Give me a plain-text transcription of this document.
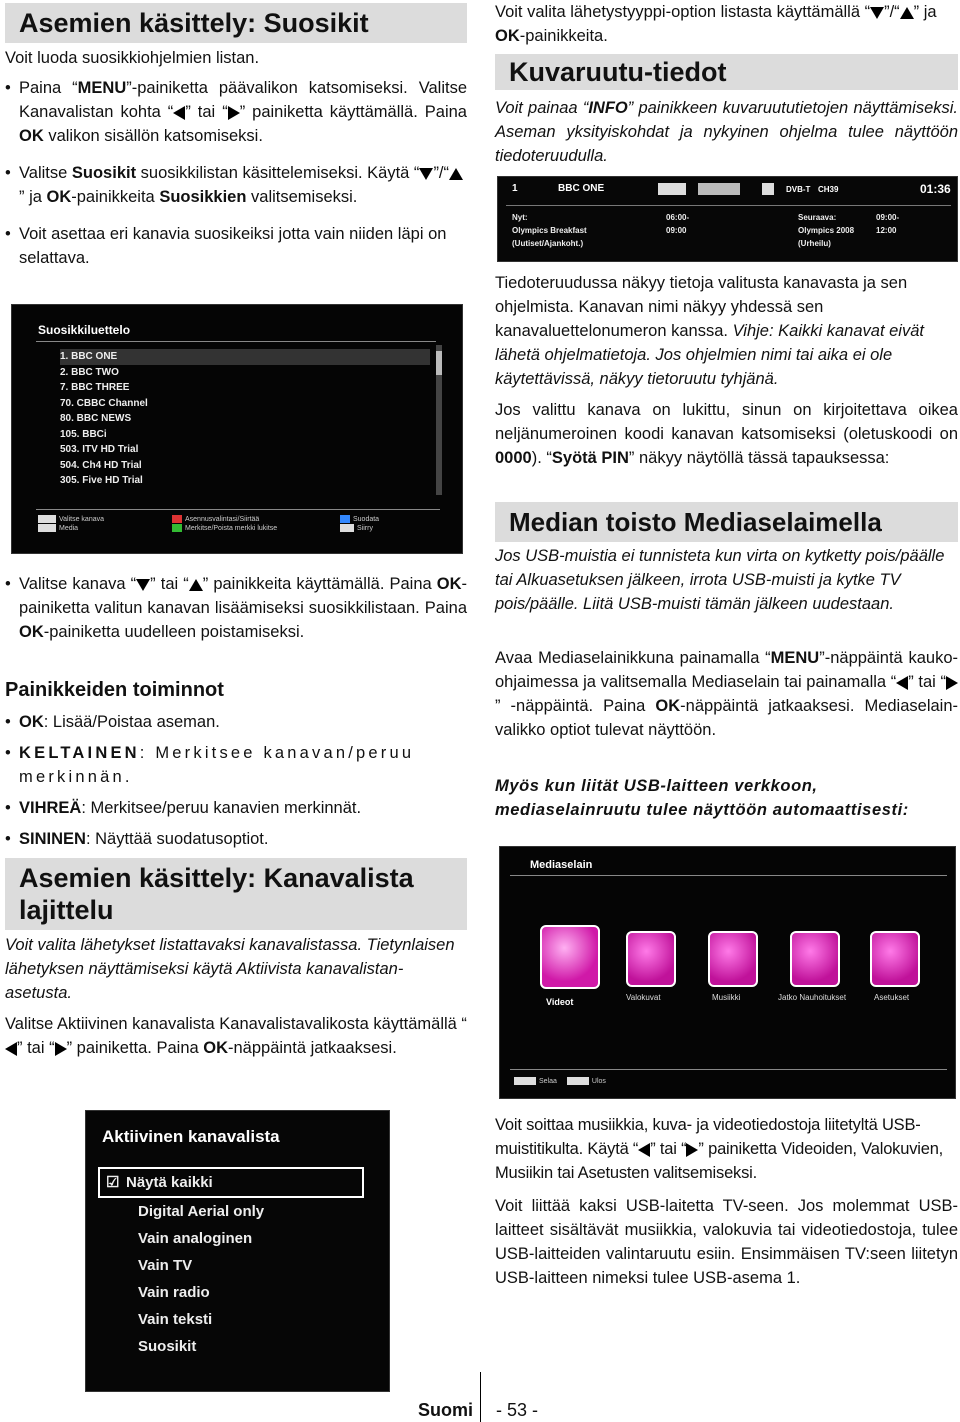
Asemien käsittely: Suosikit

Voit luoda suosikkiohjelmien listan.

• Paina “MENU”-painiketta päävalikon katsomiseksi. Valitse Kanavalistan kohta “ ” tai “ ” painiketta käyttämällä. Paina OK valikon sisällön katsomiseksi.

• Valitse Suosikit suosikkilistan käsittelemiseksi. Käytä “ ”/“” ja OK-painikkeita Suosikkien valitsemiseksi.

• Voit asettaa eri kanavia suosikeiksi jotta vain niiden läpi on selattava.

Suosikkiluettelo
1. BBC ONE
2. BBC TWO
7. BBC THREE
70. CBBC Channel
80. BBC NEWS
105. BBCi
503. ITV HD Trial
504. Ch4 HD Trial
305. Five HD Trial
Valitse kanava
Media
Asennusvalintasi/Siirtää
Merkitse/Poista merkki lukitse
Suodata
Siirry

• Valitse kanava “ ” tai “ ” painikkeita käyttämällä. Paina OK-painiketta valitun kanavan lisäämiseksi suosikkilistaan. Paina OK-painiketta uudelleen poistamiseksi.

Painikkeiden toiminnot

• OK: Lisää/Poistaa aseman.

• KELTAINEN: Merkitsee kanavan/peruu merkinnän.

• VIHREÄ: Merkitsee/peruu kanavien merkinnät.

• SININEN: Näyttää suodatusoptiot.

Asemien käsittely: Kanavalista lajittelu

Voit valita lähetykset listattavaksi kanavalistassa. Tietynlaisen lähetyksen näyttämiseksi käytä Aktiivista kanavalistan-asetusta.

Valitse Aktiivinen kanavalista Kanavalistavalikosta käyttämällä “” tai “ ” painiketta. Paina OK-näppäintä jatkaaksesi.

Aktiivinen kanavalista
☑ Näytä kaikki
Digital Aerial only
Vain analoginen
Vain TV
Vain radio
Vain teksti
Suosikit

Voit valita lähetystyyppi-option listasta käyttämällä “ ”/“ ” ja OK-painikkeita.

Kuvaruutu-tiedot

Voit painaa “INFO” painikkeen kuvaruututietojen näyttämiseksi. Aseman yksityiskohdat ja nykyinen ohjelma tulee näyttöön tiedoteruudulla.

1	BBC ONE	DVB-T CH39	01:36
Nyt:	06:00-09:00
Olympics Breakfast
(Uutiset/Ajankoht.)
Seuraava:	09:00-12:00
Olympics 2008
(Urheilu)

Tiedoteruudussa näkyy tietoja valitusta kanavasta ja sen ohjelmista. Kanavan nimi näkyy yhdessä sen kanavaluettelonumeron kanssa. Vihje: Kaikki kanavat eivät lähetä ohjelmatietoja. Jos ohjelmien nimi tai aika ei ole käytettävissä, näkyy tietoruutu tyhjänä.

Jos valittu kanava on lukittu, sinun on kirjoitettava oikea neljänumeroinen koodi kanavan katsomiseksi (oletuskoodi on 0000). “Syötä PIN” näkyy näytöllä tässä tapauksessa:

Median toisto Mediaselaimella

Jos USB-muistia ei tunnisteta kun virta on kytketty pois/päälle tai Alkuasetuksen jälkeen, irrota USB-muisti ja kytke TV pois/päälle. Liitä USB-muisti tämän jälkeen uudestaan.

Avaa Mediaselainikkuna painamalla “MENU”-näppäintä kauko-ohjaimessa ja valitsemalla Mediaselain tai painamalla “ ” tai “” -näppäintä. Paina OK-näppäintä jatkaaksesi. Mediaselain-valikko optiot tulevat näyttöön.

Myös kun liität USB-laitteen verkkoon, mediaselainruutu tulee näyttöön automaattisesti:

Mediaselain
Videot	Valokuvat	Musiikki	Jatko Nauhoitukset	Asetukset
Selaa	Ulos

Voit soittaa musiikkia, kuva- ja videotiedostoja liitetyltä USB-muistitikulta. Käytä “ ” tai “ ” painiketta Videoiden, Valokuvien, Musiikin tai Asetusten valitsemiseksi.

Voit liittää kaksi USB-laitetta TV-seen. Jos molemmat USB-laitteet sisältävät musiikkia, valokuvia tai videotiedostoja, tulee USB-laitteiden valintaruutu esiin. Ensimmäisen TV:seen liitetyn USB-laitteen nimeksi tulee USB-asema 1.

Suomi - 53 -
